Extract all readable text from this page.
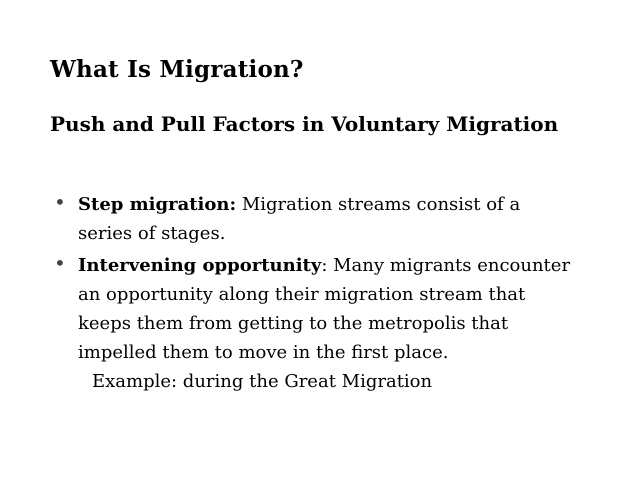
What Is Migration?
Push and Pull Factors in Voluntary Migration
• Step migration: Migration streams consist of a series of stages.
• Intervening opportunity: Many migrants encounter an opportunity along their migration stream that keeps them from getting to the metropolis that impelled them to move in the first place.
Example: during the Great Migration
